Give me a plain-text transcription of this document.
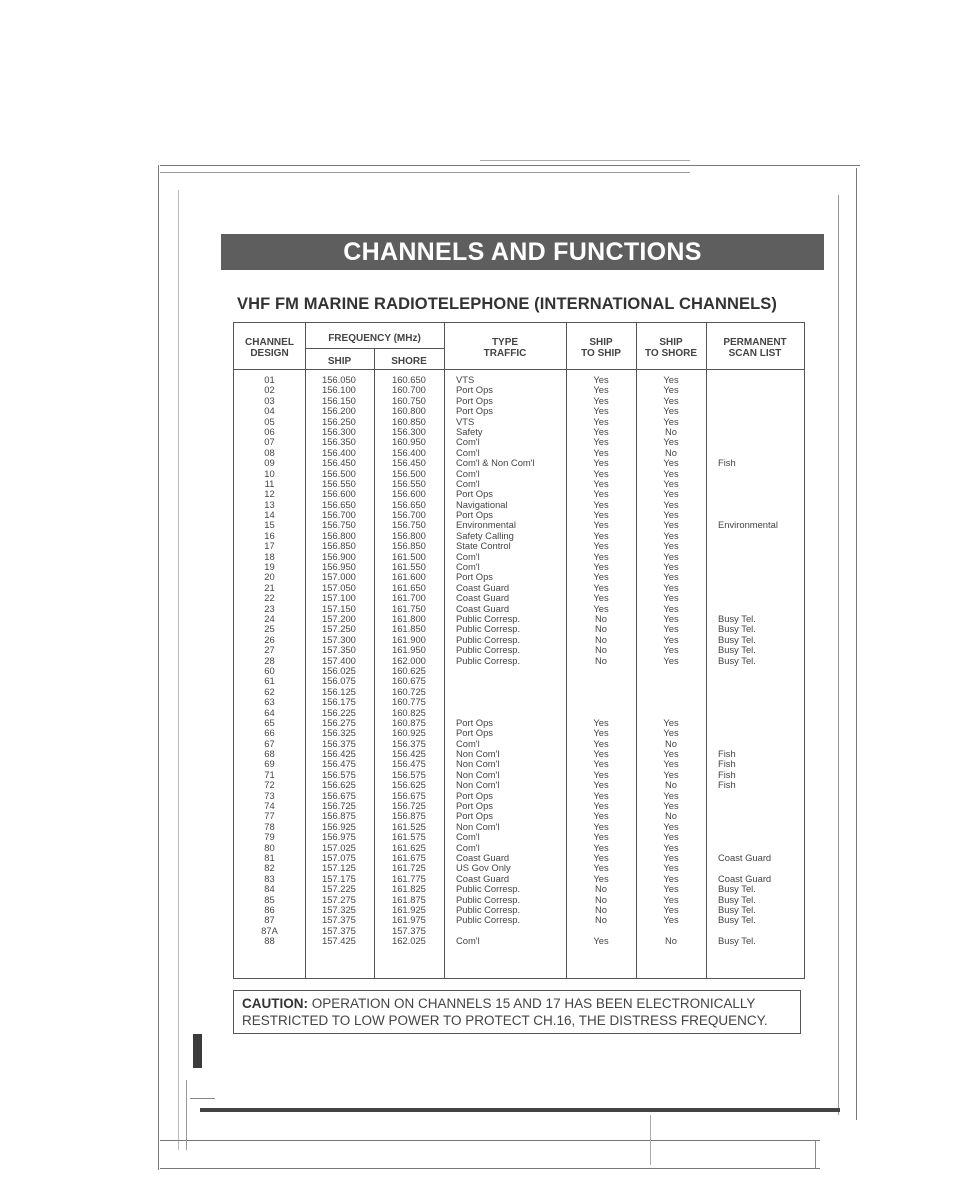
CHANNELS AND FUNCTIONS
VHF FM MARINE RADIOTELEPHONE (INTERNATIONAL CHANNELS)
CHANNEL
DESIGN
FREQUENCY (MHz)
SHIP	SHORE
TYPE
TRAFFIC
SHIP
TO SHIP
SHIP
TO SHORE
PERMANENT
SCAN LIST
01
02
03
04
05
06
07
08
09
10
11
12
13
14
15
16
17
18
19
20
21
22
23
24
25
26
27
28
60
61
62
63
64
65
66
67
68
69
71
72
73
74
77
78
79
80
81
82
83
84
85
86
87
87A
88
156.050
156.100
156.150
156.200
156.250
156.300
156.350
156.400
156.450
156.500
156.550
156.600
156.650
156.700
156.750
156.800
156.850
156.900
156.950
157.000
157.050
157.100
157.150
157.200
157.250
157.300
157.350
157.400
156.025
156.075
156.125
156.175
156.225
156.275
156.325
156.375
156.425
156.475
156.575
156.625
156.675
156.725
156.875
156.925
156.975
157.025
157.075
157.125
157.175
157.225
157.275
157.325
157.375
157.375
157.425
160.650
160.700
160.750
160.800
160.850
156.300
160.950
156.400
156.450
156.500
156.550
156.600
156.650
156.700
156.750
156.800
156.850
161.500
161.550
161.600
161.650
161.700
161.750
161.800
161.850
161.900
161.950
162.000
160.625
160.675
160.725
160.775
160.825
160.875
160.925
156.375
156.425
156.475
156.575
156.625
156.675
156.725
156.875
161.525
161.575
161.625
161.675
161.725
161.775
161.825
161.875
161.925
161.975
157.375
162.025
VTS
Port Ops
Port Ops
Port Ops
VTS
Safety
Com'l
Com'l
Com'l & Non Com'l
Com'l
Com'l
Port Ops
Navigational
Port Ops
Environmental
Safety Calling
State Control
Com'l
Com'l
Port Ops
Coast Guard
Coast Guard
Coast Guard
Public Corresp.
Public Corresp.
Public Corresp.
Public Corresp.
Public Corresp.
Port Ops
Port Ops
Com'l
Non Com'l
Non Com'l
Non Com'l
Non Com'l
Port Ops
Port Ops
Port Ops
Non Com'l
Com'l
Com'l
Coast Guard
US Gov Only
Coast Guard
Public Corresp.
Public Corresp.
Public Corresp.
Public Corresp.
Com'l
Yes
Yes
Yes
Yes
Yes
Yes
Yes
Yes
Yes
Yes
Yes
Yes
Yes
Yes
Yes
Yes
Yes
Yes
Yes
Yes
Yes
Yes
Yes
No
No
No
No
No
Yes
Yes
Yes
Yes
Yes
Yes
Yes
Yes
Yes
Yes
Yes
Yes
Yes
Yes
Yes
Yes
No
No
No
No
Yes
Yes
Yes
Yes
Yes
Yes
No
Yes
No
Yes
Yes
Yes
Yes
Yes
Yes
Yes
Yes
Yes
Yes
Yes
Yes
Yes
Yes
Yes
Yes
Yes
Yes
Yes
Yes
Yes
Yes
No
Yes
Yes
Yes
No
Yes
Yes
No
Yes
Yes
Yes
Yes
Yes
Yes
Yes
Yes
Yes
Yes
No
Fish
Environmental
Busy Tel.
Busy Tel.
Busy Tel.
Busy Tel.
Busy Tel.
Fish
Fish
Fish
Fish
Coast Guard
Coast Guard
Busy Tel.
Busy Tel.
Busy Tel.
Busy Tel.
Busy Tel.
CAUTION: OPERATION ON CHANNELS 15 AND 17 HAS BEEN ELECTRONICALLY RESTRICTED TO LOW POWER TO PROTECT CH.16, THE DISTRESS FREQUENCY.
